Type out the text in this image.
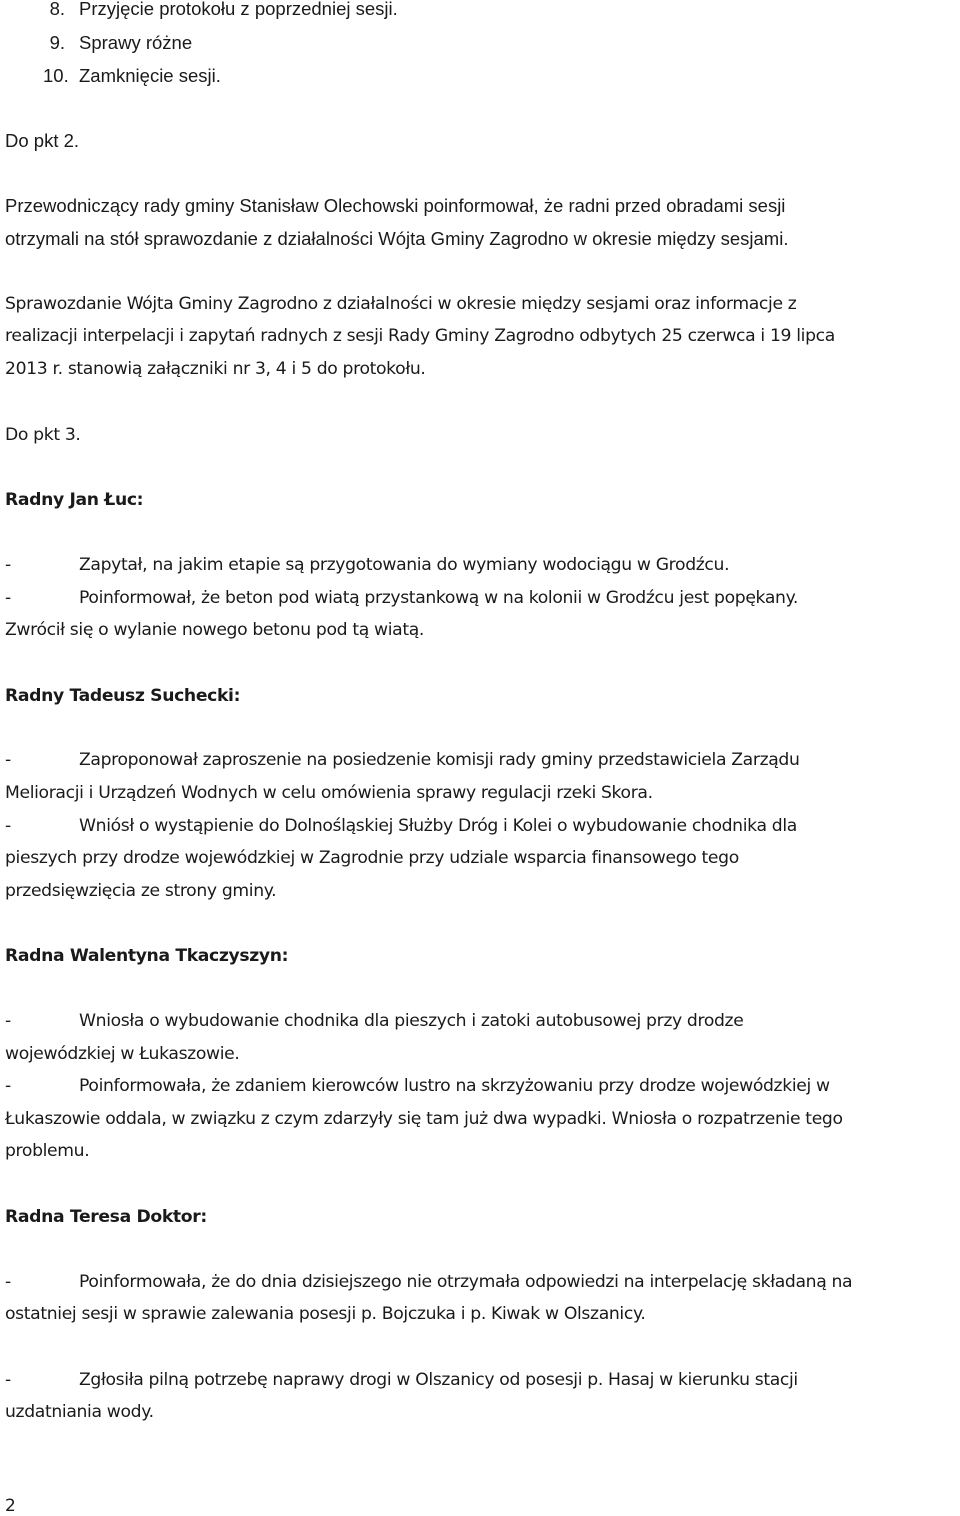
8. Przyjęcie protokołu z poprzedniej sesji.
9. Sprawy różne
10. Zamknięcie sesji.
Do pkt 2.
Przewodniczący rady gminy Stanisław Olechowski poinformował, że radni przed obradami sesji
otrzymali na stół sprawozdanie z działalności Wójta Gminy Zagrodno w okresie między sesjami.
Sprawozdanie Wójta Gminy Zagrodno z działalności w okresie między sesjami oraz informacje z
realizacji interpelacji i zapytań radnych z sesji Rady Gminy Zagrodno odbytych 25 czerwca i 19 lipca
2013 r. stanowią załączniki nr 3, 4 i 5 do protokołu.
Do pkt 3.
Radny Jan Łuc:
-	Zapytał, na jakim etapie są przygotowania do wymiany wodociągu w Grodźcu.
-	Poinformował, że beton pod wiatą przystankową w na kolonii w Grodźcu jest popękany.
Zwrócił się o wylanie nowego betonu pod tą wiatą.
Radny Tadeusz Suchecki:
-	Zaproponował zaproszenie na posiedzenie komisji rady gminy przedstawiciela Zarządu
Melioracji i Urządzeń Wodnych w celu omówienia sprawy regulacji rzeki Skora.
-	Wniósł o wystąpienie do Dolnośląskiej Służby Dróg i Kolei o wybudowanie chodnika dla
pieszych przy drodze wojewódzkiej w Zagrodnie przy udziale wsparcia finansowego tego
przedsięwzięcia ze strony gminy.
Radna Walentyna Tkaczyszyn:
-	Wniosła o wybudowanie chodnika dla pieszych i zatoki autobusowej przy drodze
wojewódzkiej w Łukaszowie.
-	Poinformowała, że zdaniem kierowców lustro na skrzyżowaniu przy drodze wojewódzkiej w
Łukaszowie oddala, w związku z czym zdarzyły się tam już dwa wypadki. Wniosła o rozpatrzenie tego
problemu.
Radna Teresa Doktor:
-	Poinformowała, że do dnia dzisiejszego nie otrzymała odpowiedzi na interpelację składaną na
ostatniej sesji w sprawie zalewania posesji p. Bojczuka i p. Kiwak w Olszanicy.
-	Zgłosiła pilną potrzebę naprawy drogi w Olszanicy od posesji p. Hasaj w kierunku stacji
uzdatniania wody.
2
